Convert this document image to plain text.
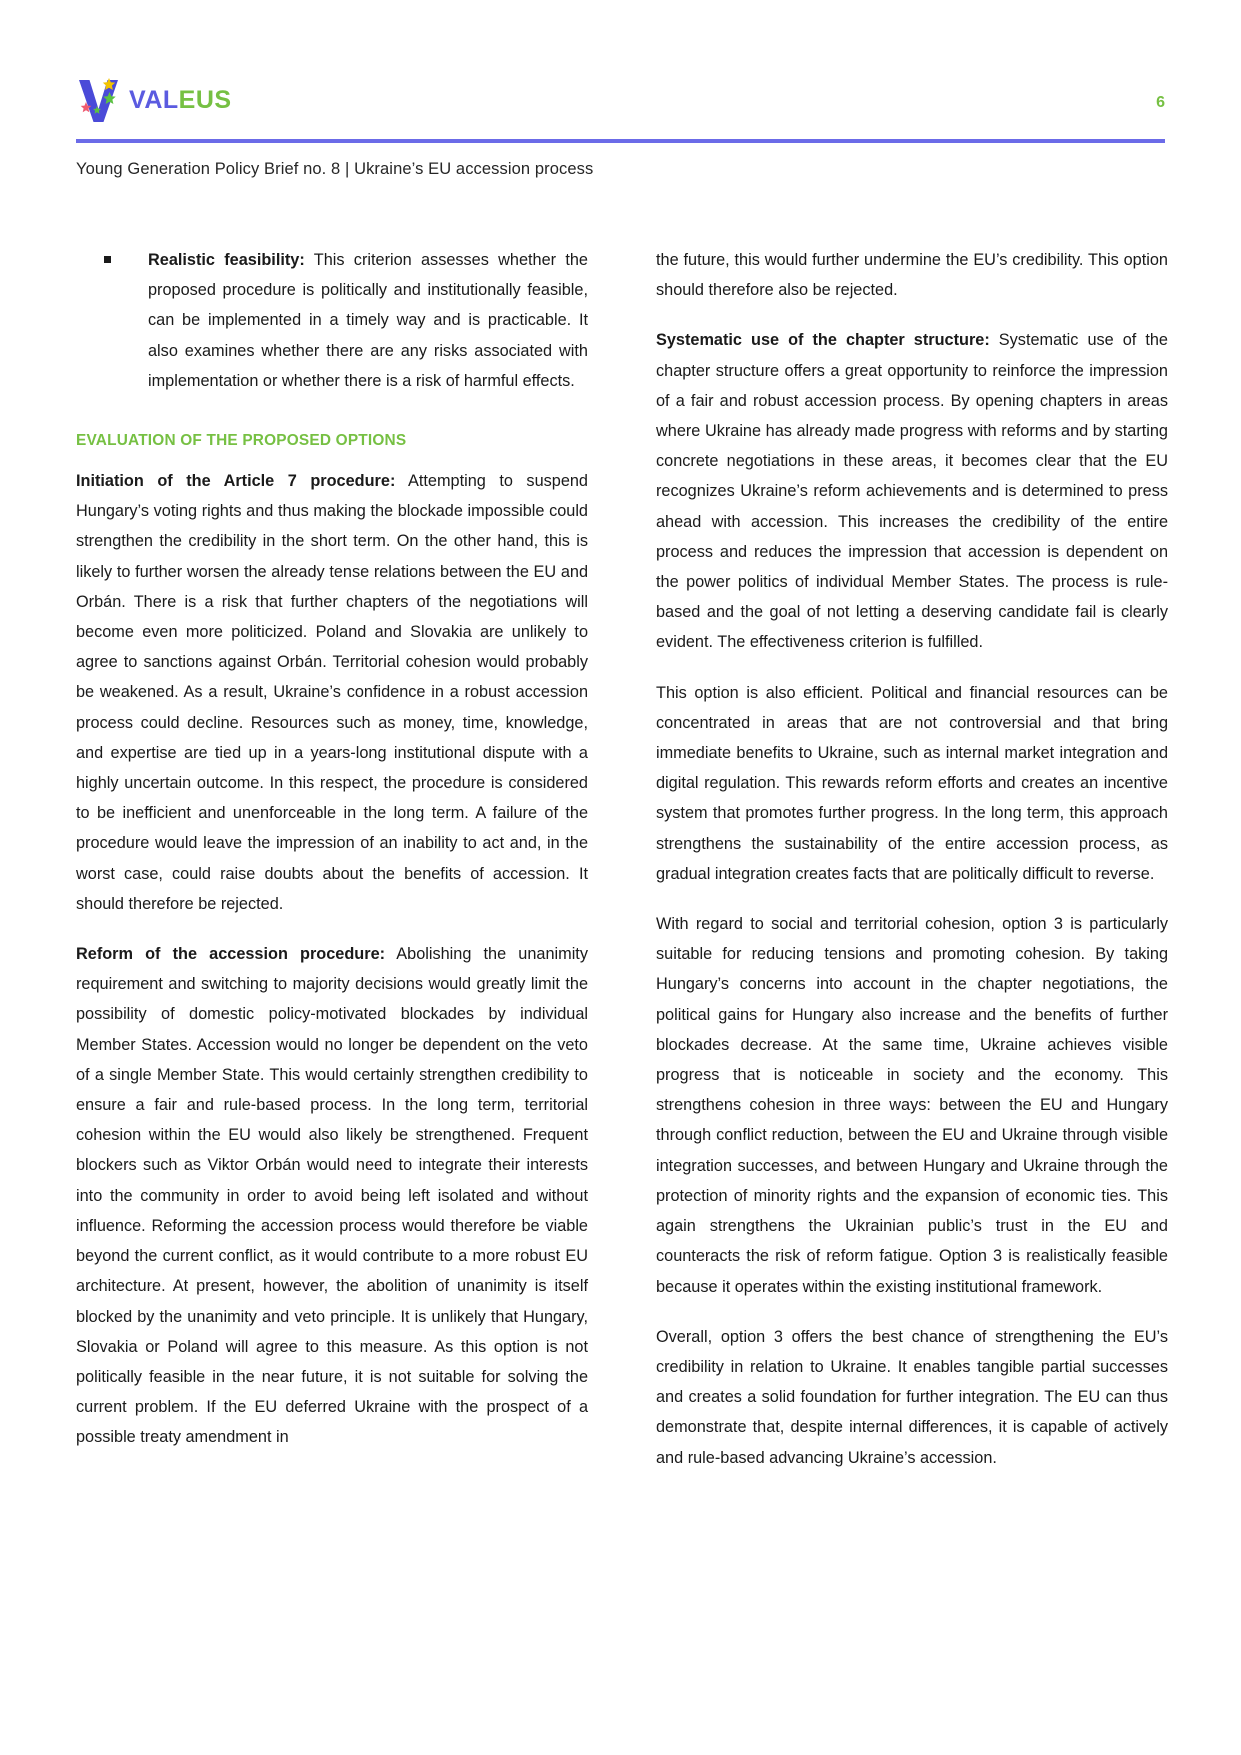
VALEUS	6
Young Generation Policy Brief no. 8 | Ukraine’s EU accession process
Realistic feasibility: This criterion assesses whether the proposed procedure is politically and institutionally feasible, can be implemented in a timely way and is practicable. It also examines whether there are any risks associated with implementation or whether there is a risk of harmful effects.
EVALUATION OF THE PROPOSED OPTIONS

Initiation of the Article 7 procedure: Attempting to suspend Hungary’s voting rights and thus making the blockade impossible could strengthen the credibility in the short term. On the other hand, this is likely to further worsen the already tense relations between the EU and Orbán. There is a risk that further chapters of the negotiations will become even more politicized. Poland and Slovakia are unlikely to agree to sanctions against Orbán. Territorial cohesion would probably be weakened. As a result, Ukraine’s confidence in a robust accession process could decline. Resources such as money, time, knowledge, and expertise are tied up in a years-long institutional dispute with a highly uncertain outcome. In this respect, the procedure is considered to be inefficient and unenforceable in the long term. A failure of the procedure would leave the impression of an inability to act and, in the worst case, could raise doubts about the benefits of accession. It should therefore be rejected.

Reform of the accession procedure: Abolishing the unanimity requirement and switching to majority decisions would greatly limit the possibility of domestic policy-motivated blockades by individual Member States. Accession would no longer be dependent on the veto of a single Member State. This would certainly strengthen credibility to ensure a fair and rule-based process. In the long term, territorial cohesion within the EU would also likely be strengthened. Frequent blockers such as Viktor Orbán would need to integrate their interests into the community in order to avoid being left isolated and without influence. Reforming the accession process would therefore be viable beyond the current conflict, as it would contribute to a more robust EU architecture. At present, however, the abolition of unanimity is itself blocked by the unanimity and veto principle. It is unlikely that Hungary, Slovakia or Poland will agree to this measure. As this option is not politically feasible in the near future, it is not suitable for solving the current problem. If the EU deferred Ukraine with the prospect of a possible treaty amendment in

the future, this would further undermine the EU’s credibility. This option should therefore also be rejected.

Systematic use of the chapter structure: Systematic use of the chapter structure offers a great opportunity to reinforce the impression of a fair and robust accession process. By opening chapters in areas where Ukraine has already made progress with reforms and by starting concrete negotiations in these areas, it becomes clear that the EU recognizes Ukraine’s reform achievements and is determined to press ahead with accession. This increases the credibility of the entire process and reduces the impression that accession is dependent on the power politics of individual Member States. The process is rule-based and the goal of not letting a deserving candidate fail is clearly evident. The effectiveness criterion is fulfilled.

This option is also efficient. Political and financial resources can be concentrated in areas that are not controversial and that bring immediate benefits to Ukraine, such as internal market integration and digital regulation. This rewards reform efforts and creates an incentive system that promotes further progress. In the long term, this approach strengthens the sustainability of the entire accession process, as gradual integration creates facts that are politically difficult to reverse.

With regard to social and territorial cohesion, option 3 is particularly suitable for reducing tensions and promoting cohesion. By taking Hungary’s concerns into account in the chapter negotiations, the political gains for Hungary also increase and the benefits of further blockades decrease. At the same time, Ukraine achieves visible progress that is noticeable in society and the economy. This strengthens cohesion in three ways: between the EU and Hungary through conflict reduction, between the EU and Ukraine through visible integration successes, and between Hungary and Ukraine through the protection of minority rights and the expansion of economic ties. This again strengthens the Ukrainian public’s trust in the EU and counteracts the risk of reform fatigue. Option 3 is realistically feasible because it operates within the existing institutional framework.

Overall, option 3 offers the best chance of strengthening the EU’s credibility in relation to Ukraine. It enables tangible partial successes and creates a solid foundation for further integration. The EU can thus demonstrate that, despite internal differences, it is capable of actively and rule-based advancing Ukraine’s accession.
